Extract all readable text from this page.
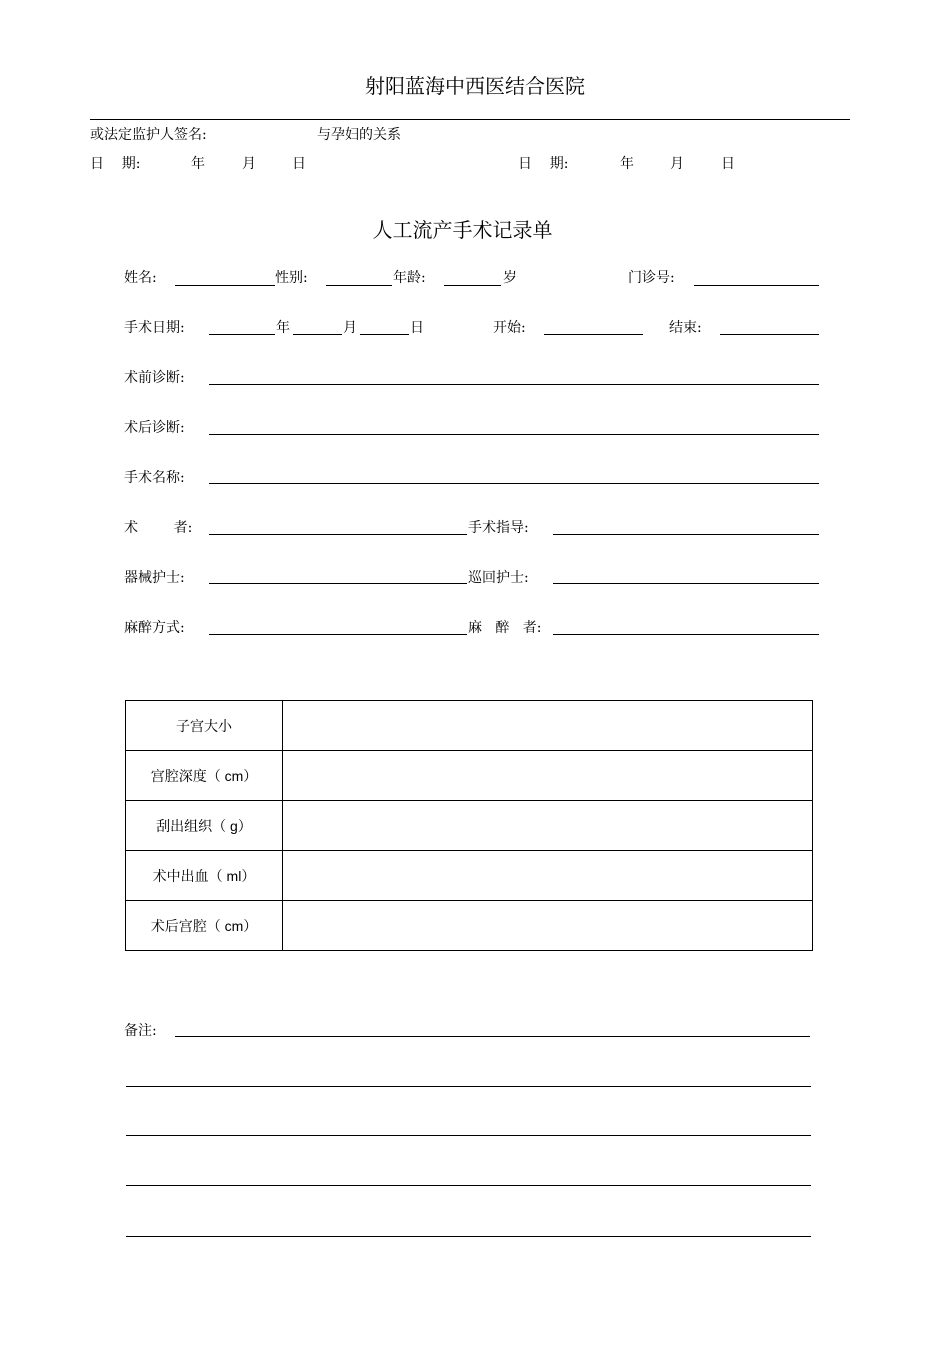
射阳蓝海中西医结合医院
或法定监护人签名:	与孕妇的关系
日    期:	年	月	日	日    期:	年	月	日
人工流产手术记录单
姓名:	性别:	年龄:	岁	门诊号:
手术日期:	年	月	日	开始:	结束:
术前诊断:
术后诊断:
手术名称:
术        者:	手术指导:
器械护士:	巡回护士:
麻醉方式:	麻   醉   者:
子宫大小	
宫腔深度（ cm）	
刮出组织（ g）	
术中出血（ ml）	
术后宫腔（ cm）	
备注:
